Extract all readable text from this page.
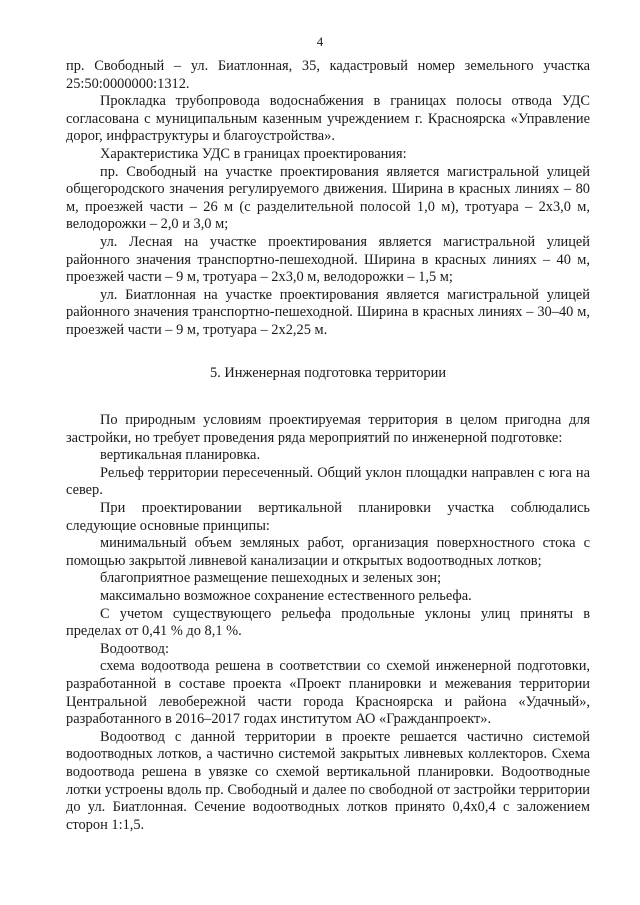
4

пр. Свободный – ул. Биатлонная, 35, кадастровый номер земельного участка 25:50:0000000:1312.

Прокладка трубопровода водоснабжения в границах полосы отвода УДС согласована с муниципальным казенным учреждением г. Красноярска «Управление дорог, инфраструктуры и благоустройства».

Характеристика УДС в границах проектирования:

пр. Свободный на участке проектирования является магистральной улицей общегородского значения регулируемого движения. Ширина в красных линиях – 80 м, проезжей части – 26 м (с разделительной полосой 1,0 м), тротуара – 2х3,0 м, велодорожки – 2,0 и 3,0 м;

ул. Лесная на участке проектирования является магистральной улицей районного значения транспортно-пешеходной. Ширина в красных линиях – 40 м, проезжей части – 9 м, тротуара – 2х3,0 м, велодорожки – 1,5 м;

ул. Биатлонная на участке проектирования является магистральной улицей районного значения транспортно-пешеходной. Ширина в красных линиях – 30–40 м, проезжей части – 9 м, тротуара – 2х2,25 м.

5. Инженерная подготовка территории

По природным условиям проектируемая территория в целом пригодна для застройки, но требует проведения ряда мероприятий по инженерной подготовке:

вертикальная планировка.

Рельеф территории пересеченный. Общий уклон площадки направлен с юга на север.

При проектировании вертикальной планировки участка соблюдались следующие основные принципы:

минимальный объем земляных работ, организация поверхностного стока с помощью закрытой ливневой канализации и открытых водоотводных лотков;

благоприятное размещение пешеходных и зеленых зон;

максимально возможное сохранение естественного рельефа.

С учетом существующего рельефа продольные уклоны улиц приняты в пределах от 0,41 % до 8,1 %.

Водоотвод:

схема водоотвода решена в соответствии со схемой инженерной подготовки, разработанной в составе проекта «Проект планировки и межевания территории Центральной левобережной части города Красноярска и района «Удачный», разработанного в 2016–2017 годах институтом АО «Гражданпроект».

Водоотвод с данной территории в проекте решается частично системой водоотводных лотков, а частично системой закрытых ливневых коллекторов. Схема водоотвода решена в увязке со схемой вертикальной планировки. Водоотводные лотки устроены вдоль пр. Свободный и далее по свободной от застройки территории до ул. Биатлонная. Сечение водоотводных лотков принято 0,4х0,4 с заложением сторон 1:1,5.
